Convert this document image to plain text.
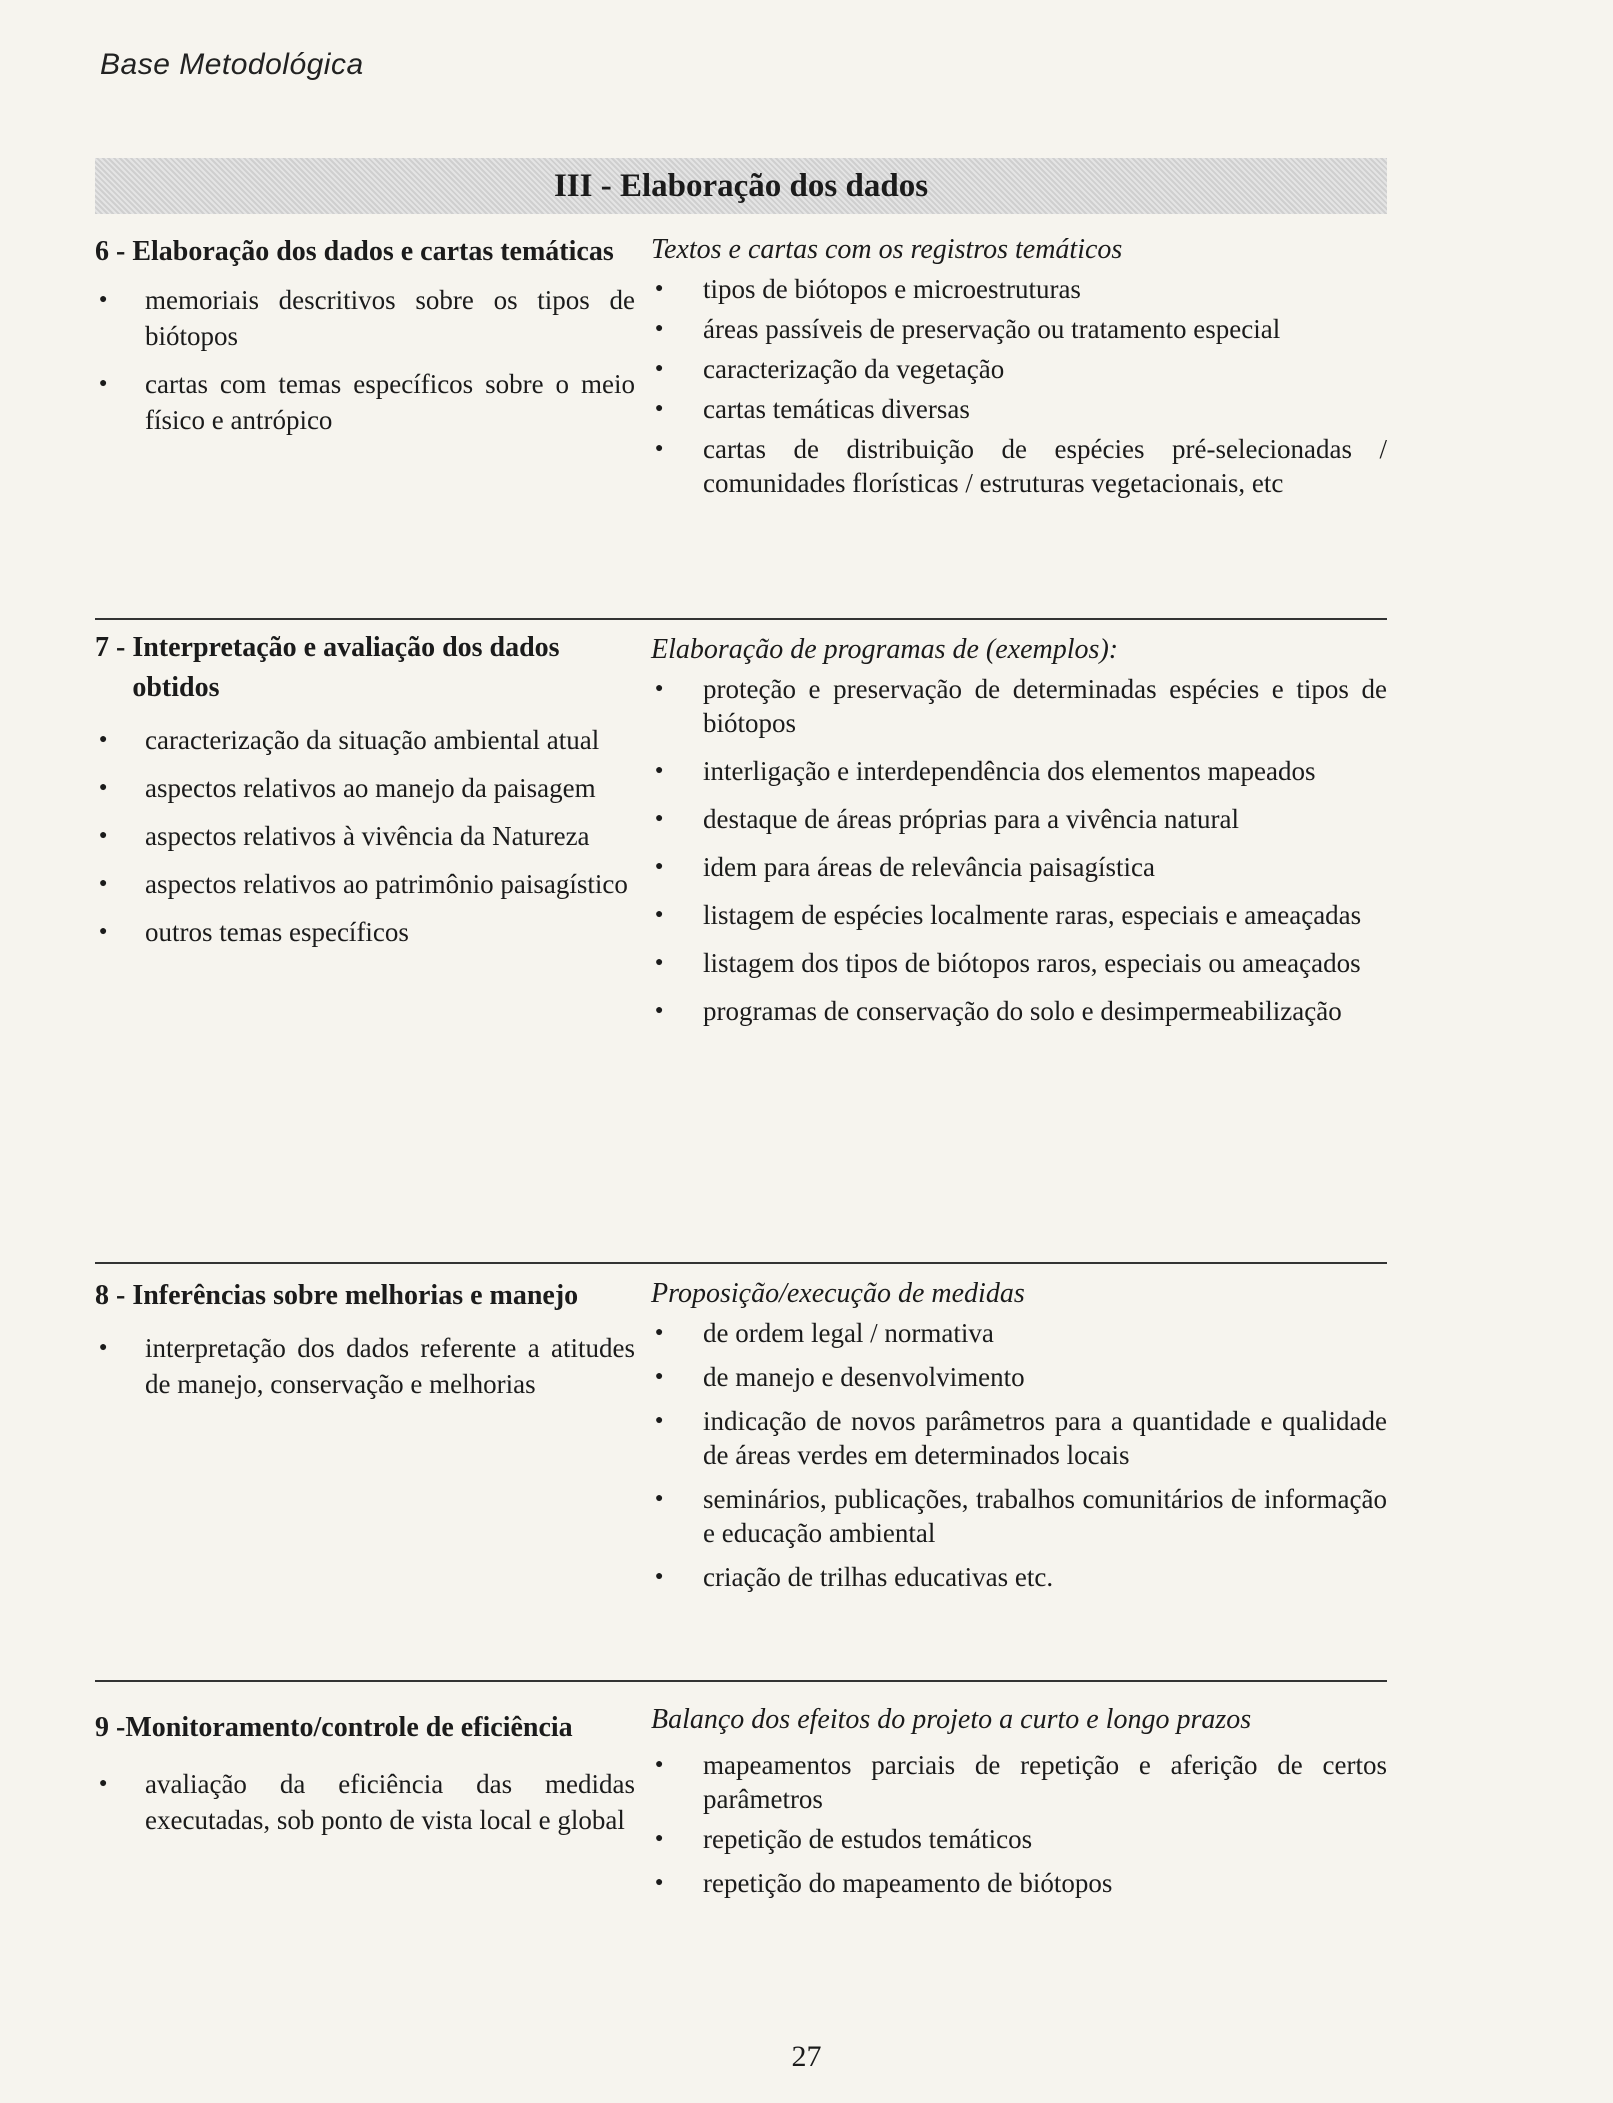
Base Metodológica
III - Elaboração dos dados
6 - Elaboração dos dados e cartas temáticas
● memoriais descritivos sobre os tipos de biótopos
● cartas com temas específicos sobre o meio físico e antrópico
Textos e cartas com os registros temáticos
● tipos de biótopos e microestruturas
● áreas passíveis de preservação ou tratamento especial
● caracterização da vegetação
● cartas temáticas diversas
● cartas de distribuição de espécies pré-selecionadas / comunidades florísticas / estruturas vegetacionais, etc
7 - Interpretação e avaliação dos dados obtidos
● caracterização da situação ambiental atual
● aspectos relativos ao manejo da paisagem
● aspectos relativos à vivência da Natureza
● aspectos relativos ao patrimônio paisagístico
● outros temas específicos
Elaboração de programas de (exemplos):
● proteção e preservação de determinadas espécies e tipos de biótopos
● interligação e interdependência dos elementos mapeados
● destaque de áreas próprias para a vivência natural
● idem para áreas de relevância paisagística
● listagem de espécies localmente raras, especiais e ameaçadas
● listagem dos tipos de biótopos raros, especiais ou ameaçados
● programas de conservação do solo e desimpermeabilização
8 - Inferências sobre melhorias e manejo
● interpretação dos dados referente a atitudes de manejo, conservação e melhorias
Proposição/execução de medidas
● de ordem legal / normativa
● de manejo e desenvolvimento
● indicação de novos parâmetros para a quantidade e qualidade de áreas verdes em determinados locais
● seminários, publicações, trabalhos comunitários de informação e educação ambiental
● criação de trilhas educativas etc.
9 - Monitoramento/controle de eficiência
● avaliação da eficiência das medidas executadas, sob ponto de vista local e global
Balanço dos efeitos do projeto a curto e longo prazos
● mapeamentos parciais de repetição e aferição de certos parâmetros
● repetição de estudos temáticos
● repetição do mapeamento de biótopos
27
